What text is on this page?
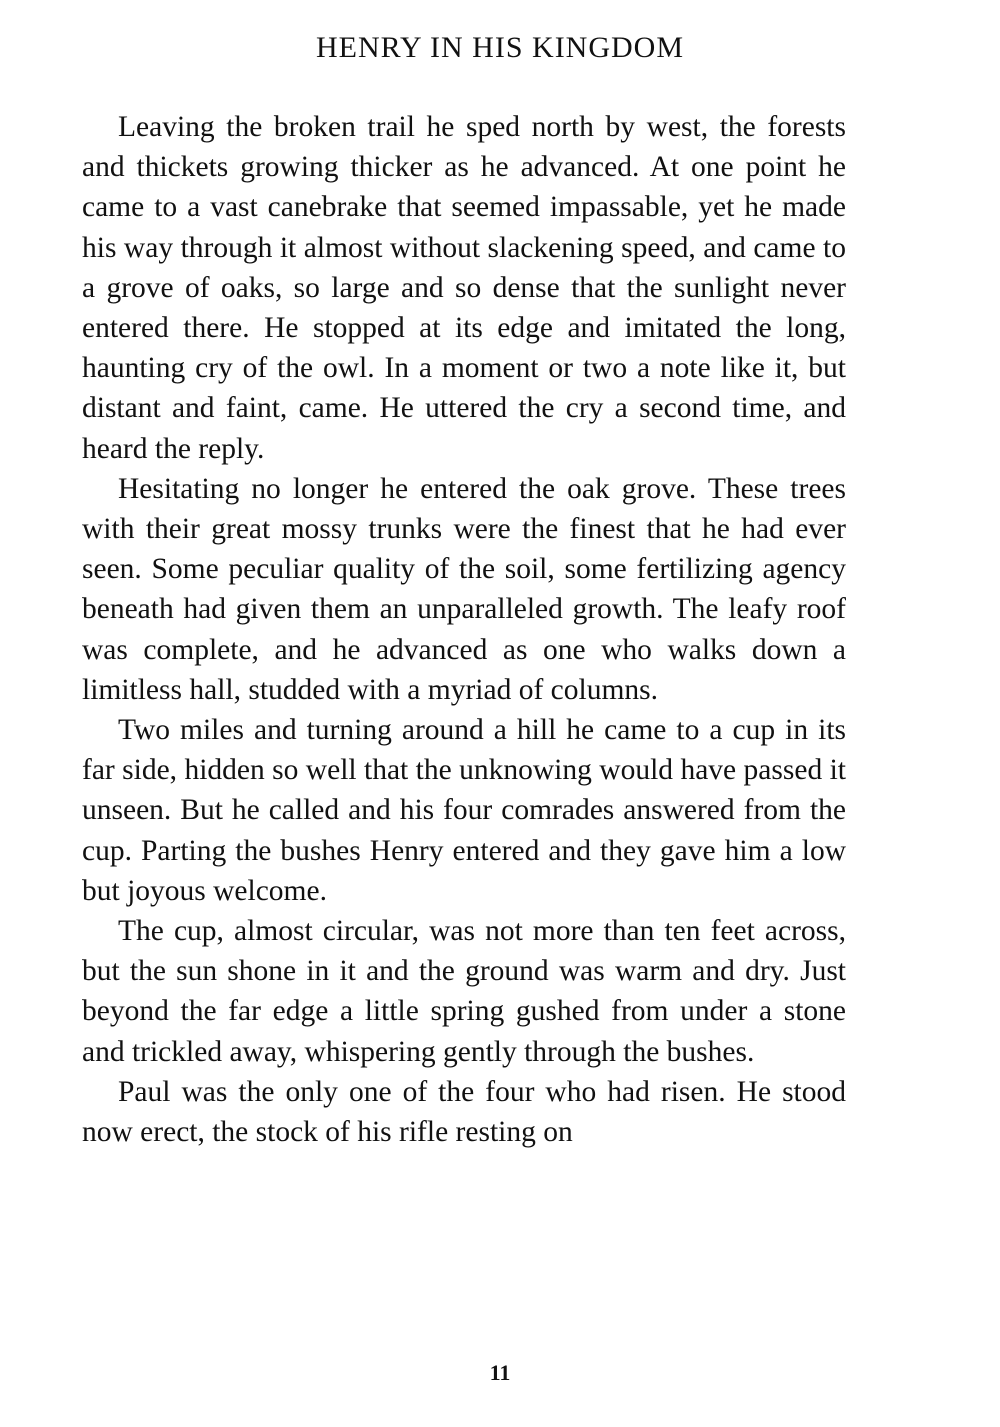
HENRY IN HIS KINGDOM

Leaving the broken trail he sped north by west, the forests and thickets growing thicker as he advanced. At one point he came to a vast canebrake that seemed impassable, yet he made his way through it almost without slackening speed, and came to a grove of oaks, so large and so dense that the sunlight never entered there. He stopped at its edge and imitated the long, haunting cry of the owl. In a moment or two a note like it, but distant and faint, came. He uttered the cry a second time, and heard the reply.

Hesitating no longer he entered the oak grove. These trees with their great mossy trunks were the finest that he had ever seen. Some peculiar quality of the soil, some fertilizing agency beneath had given them an unparalleled growth. The leafy roof was complete, and he advanced as one who walks down a limitless hall, studded with a myriad of columns.

Two miles and turning around a hill he came to a cup in its far side, hidden so well that the unknowing would have passed it unseen. But he called and his four comrades answered from the cup. Parting the bushes Henry entered and they gave him a low but joyous welcome.

The cup, almost circular, was not more than ten feet across, but the sun shone in it and the ground was warm and dry. Just beyond the far edge a little spring gushed from under a stone and trickled away, whispering gently through the bushes.

Paul was the only one of the four who had risen. He stood now erect, the stock of his rifle resting on

11
